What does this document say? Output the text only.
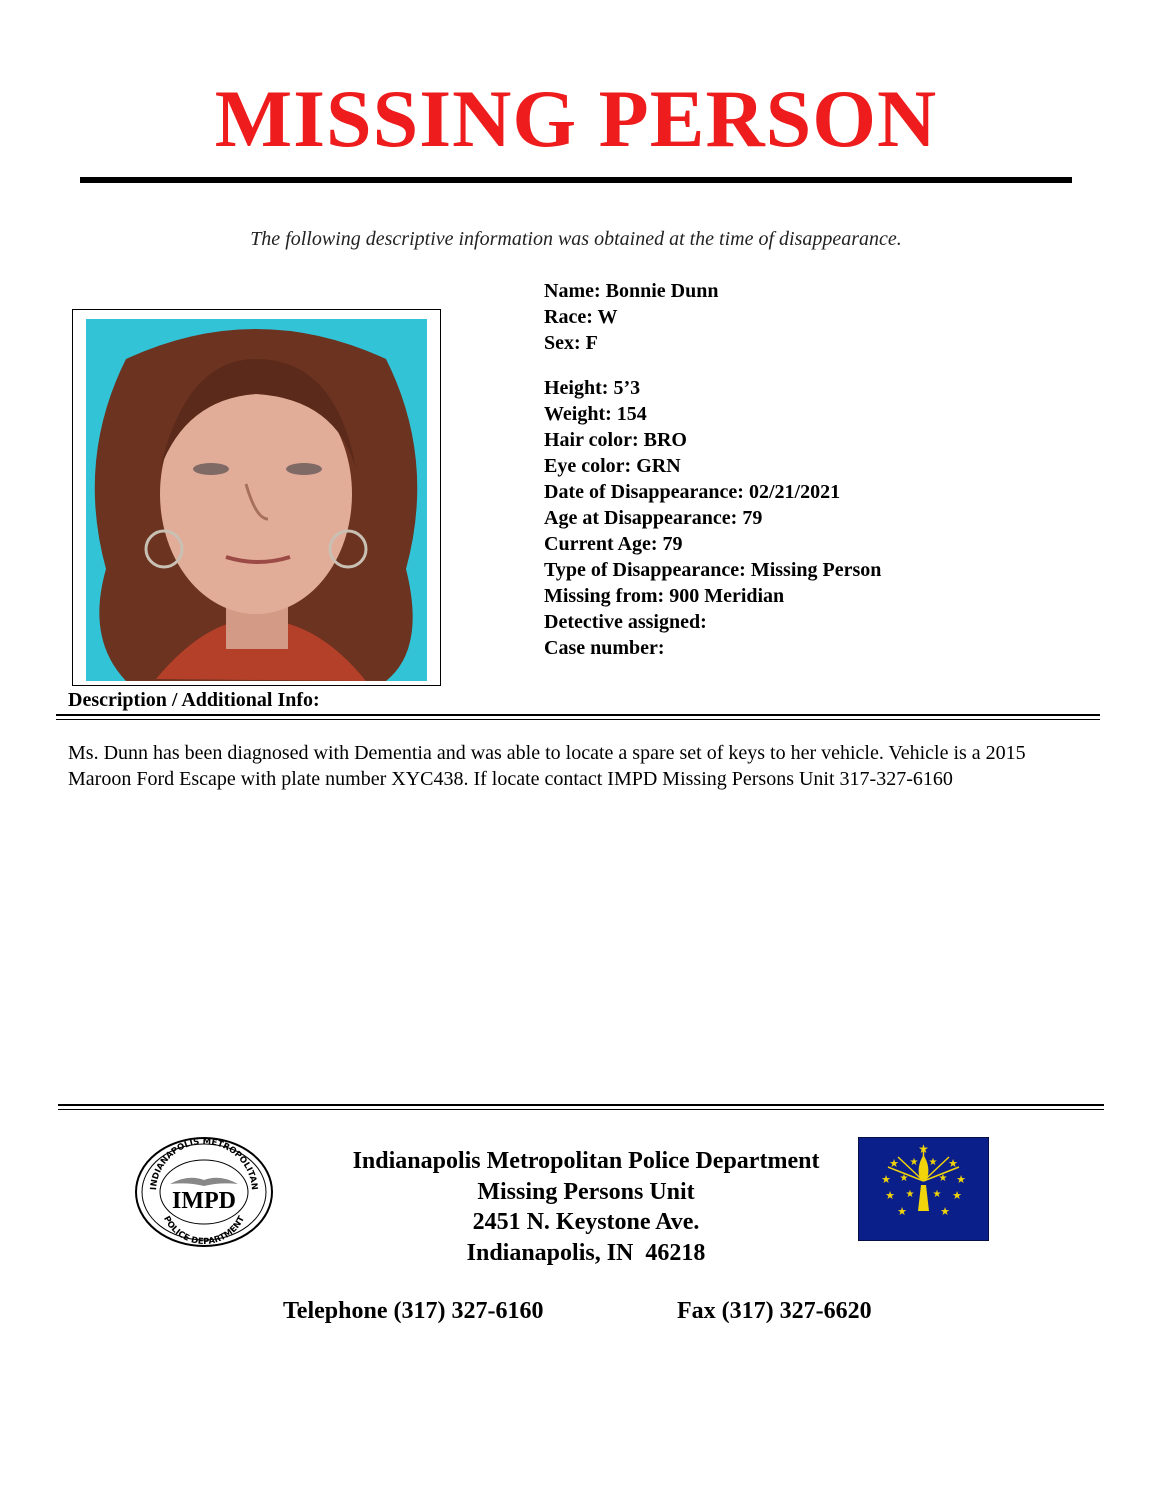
MISSING PERSON
The following descriptive information was obtained at the time of disappearance.
Name: Bonnie Dunn
Race: W
Sex: F
Height: 5’3
Weight: 154
Hair color: BRO
Eye color: GRN
Date of Disappearance: 02/21/2021
Age at Disappearance: 79
Current Age: 79
Type of Disappearance: Missing Person
Missing from: 900 Meridian
Detective assigned:
Case number:
Description / Additional Info:
Ms. Dunn has been diagnosed with Dementia and was able to locate a spare set of keys to her vehicle. Vehicle is a 2015 Maroon Ford Escape with plate number XYC438. If locate contact IMPD Missing Persons Unit 317-327-6160
INDIANAPOLIS METROPOLITAN
POLICE DEPARTMENT
IMPD
Indianapolis Metropolitan Police Department
Missing Persons Unit
2451 N. Keystone Ave.
Indianapolis, IN  46218
★
★	★
★	★
★	★
★	★
★ ★
★	★
★ ★
Telephone (317) 327-6160	Fax (317) 327-6620
